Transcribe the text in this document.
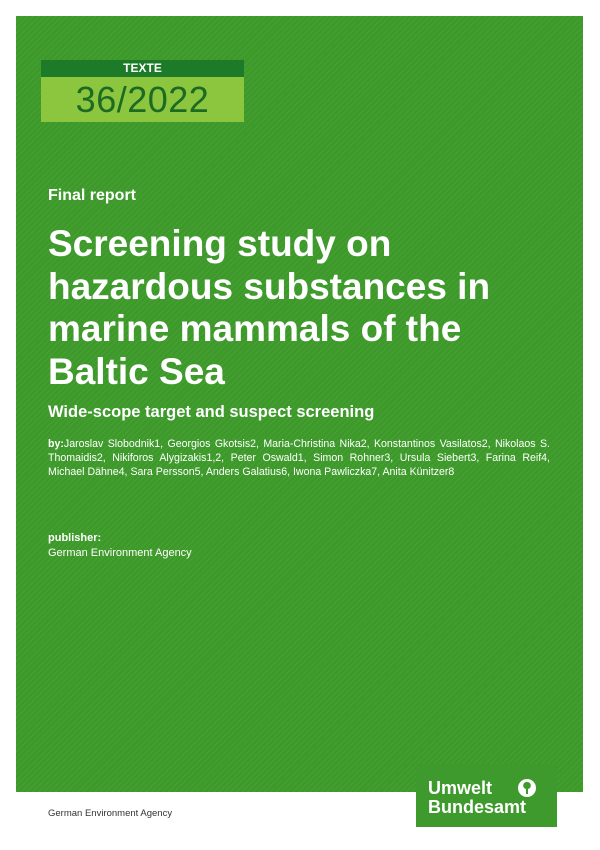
TEXTE
36/2022
Final report
Screening study on hazardous substances in marine mammals of the Baltic Sea
Wide-scope target and suspect screening
by:Jaroslav Slobodnik1, Georgios Gkotsis2, Maria-Christina Nika2, Konstantinos Vasilatos2, Nikolaos S. Thomaidis2, Nikiforos Alygizakis1,2, Peter Oswald1, Simon Rohner3, Ursula Siebert3, Farina Reif4, Michael Dähne4, Sara Persson5, Anders Galatius6, Iwona Pawliczka7, Anita Künitzer8
publisher:
German Environment Agency
Umwelt
Bundesamt
German Environment Agency
